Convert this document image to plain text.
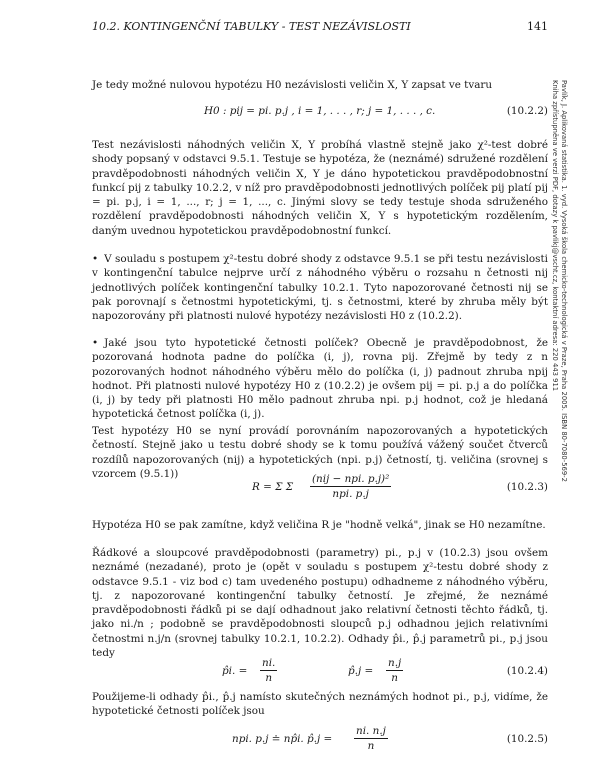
10.2. KONTINGENČNÍ TABULKY - TEST NEZÁVISLOSTI	141
Pavlík, J. Aplikovaná statistika. 1. vyd. Vysoká škola chemicko-technologická v Praze, Praha 2005. ISBN 80-7080-569-2
Kniha zpřístupněna ve verzi PDF, dotazy k pavlikj@vscht.cz, kontaktní adresa: 220 443 911
Je tedy možné nulovou hypotézu H0 nezávislosti veličin X, Y zapsat ve tvaru
H0 : pij = pi. p.j , i = 1, . . . , r; j = 1, . . . , c.	(10.2.2)
Test nezávislosti náhodných veličin X, Y probíhá vlastně stejně jako χ²-test dobré shody popsaný v odstavci 9.5.1. Testuje se hypotéza, že (neznámé) sdružené rozdělení pravděpodobnosti náhodných veličin X, Y je dáno hypotetickou pravděpodobnostní funkcí pij z tabulky 10.2.2, v níž pro pravděpodobnosti jednotlivých políček pij platí pij = pi. p.j, i = 1, ..., r; j = 1, ..., c. Jinými slovy se tedy testuje shoda sdruženého rozdělení pravděpodobnosti náhodných veličin X, Y s hypotetickým rozdělením, daným uvednou hypotetickou pravděpodobnostní funkcí.
• V souladu s postupem χ²-testu dobré shody z odstavce 9.5.1 se při testu nezávislosti v kontingenční tabulce nejprve určí z náhodného výběru o rozsahu n četnosti nij jednotlivých políček kontingenční tabulky 10.2.1. Tyto napozorované četnosti nij se pak porovnají s četnostmi hypotetickými, tj. s četnostmi, které by zhruba měly být napozorovány při platnosti nulové hypotézy nezávislosti H0 z (10.2.2).
• Jaké jsou tyto hypotetické četnosti políček? Obecně je pravděpodobnost, že pozorovaná hodnota padne do políčka (i, j), rovna pij. Zřejmě by tedy z n pozorovaných hodnot náhodného výběru mělo do políčka (i, j) padnout zhruba npij hodnot. Při platnosti nulové hypotézy H0 z (10.2.2) je ovšem pij = pi. p.j a do políčka (i, j) by tedy při platnosti H0 mělo padnout zhruba npi. p.j hodnot, což je hledaná hypotetická četnost políčka (i, j).
Test hypotézy H0 se nyní provádí porovnáním napozorovaných a hypotetických četností. Stejně jako u testu dobré shody se k tomu používá vážený součet čtverců rozdílů napozorovaných (nij) a hypotetických (npi. p.j) četností, tj. veličina (srovnej s vzorcem (9.5.1))
R = Σ Σ
(nij − npi. p.j)²
npi. p.j
(10.2.3)
Hypotéza H0 se pak zamítne, když veličina R je "hodně velká", jinak se H0 nezamítne.
Řádkové a sloupcové pravděpodobnosti (parametry) pi., p.j v (10.2.3) jsou ovšem neznámé (nezadané), proto je (opět v souladu s postupem χ²-testu dobré shody z odstavce 9.5.1 - viz bod c) tam uvedeného postupu) odhadneme z náhodného výběru, tj. z napozorované kontingenční tabulky četností. Je zřejmé, že neznámé pravděpodobnosti řádků pi se dají odhadnout jako relativní četnosti těchto řádků, tj. jako ni./n ; podobně se pravděpodobnosti sloupců p.j odhadnou jejich relativními četnostmi n.j/n (srovnej tabulky 10.2.1, 10.2.2). Odhady p̂i., p̂.j parametrů pi., p.j jsou tedy
p̂i. = $\frac{ni.}{n}$	p̂.j = $\frac{n.j}{n}$	(10.2.4)
Použijeme-li odhady p̂i., p̂.j namísto skutečných neznámých hodnot pi., p.j, vidíme, že hypotetické četnosti políček jsou
npi. p.j ≐ np̂i. p̂.j = $\frac{ni. n.j}{n}$	(10.2.5)
